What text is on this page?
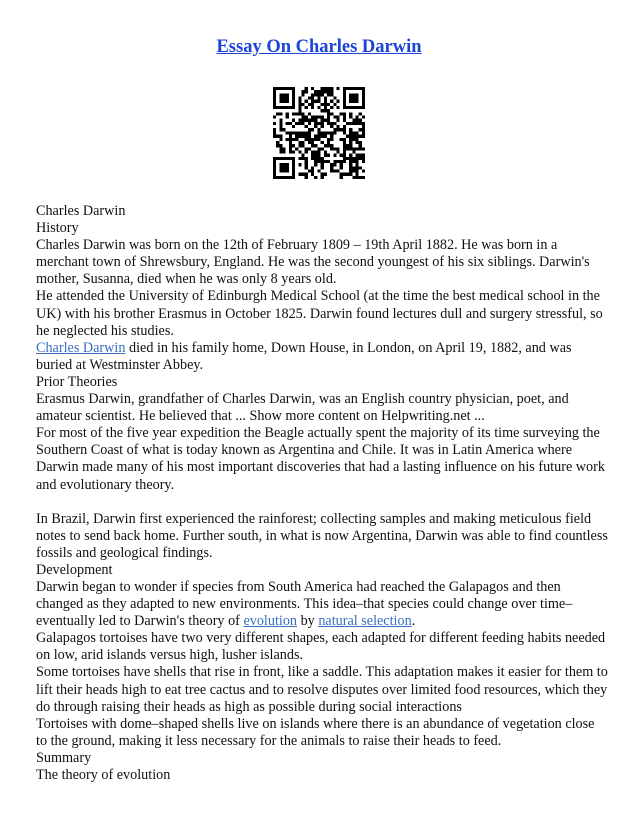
Essay On Charles Darwin

Charles Darwin

History

Charles Darwin was born on the 12th of February 1809 – 19th April 1882. He was born in a merchant town of Shrewsbury, England. He was the second youngest of his six siblings. Darwin's mother, Susanna, died when he was only 8 years old.

He attended the University of Edinburgh Medical School (at the time the best medical school in the UK) with his brother Erasmus in October 1825. Darwin found lectures dull and surgery stressful, so he neglected his studies.

Charles Darwin died in his family home, Down House, in London, on April 19, 1882, and was buried at Westminster Abbey.

Prior Theories

Erasmus Darwin, grandfather of Charles Darwin, was an English country physician, poet, and amateur scientist. He believed that ... Show more content on Helpwriting.net ...

For most of the five year expedition the Beagle actually spent the majority of its time surveying the Southern Coast of what is today known as Argentina and Chile. It was in Latin America where Darwin made many of his most important discoveries that had a lasting influence on his future work and evolutionary theory.

In Brazil, Darwin first experienced the rainforest; collecting samples and making meticulous field notes to send back home. Further south, in what is now Argentina, Darwin was able to find countless fossils and geological findings.

Development

Darwin began to wonder if species from South America had reached the Galapagos and then changed as they adapted to new environments. This idea–that species could change over time–eventually led to Darwin's theory of evolution by natural selection.

Galapagos tortoises have two very different shapes, each adapted for different feeding habits needed on low, arid islands versus high, lusher islands.

Some tortoises have shells that rise in front, like a saddle. This adaptation makes it easier for them to lift their heads high to eat tree cactus and to resolve disputes over limited food resources, which they do through raising their heads as high as possible during social interactions

Tortoises with dome–shaped shells live on islands where there is an abundance of vegetation close to the ground, making it less necessary for the animals to raise their heads to feed.

Summary

The theory of evolution
